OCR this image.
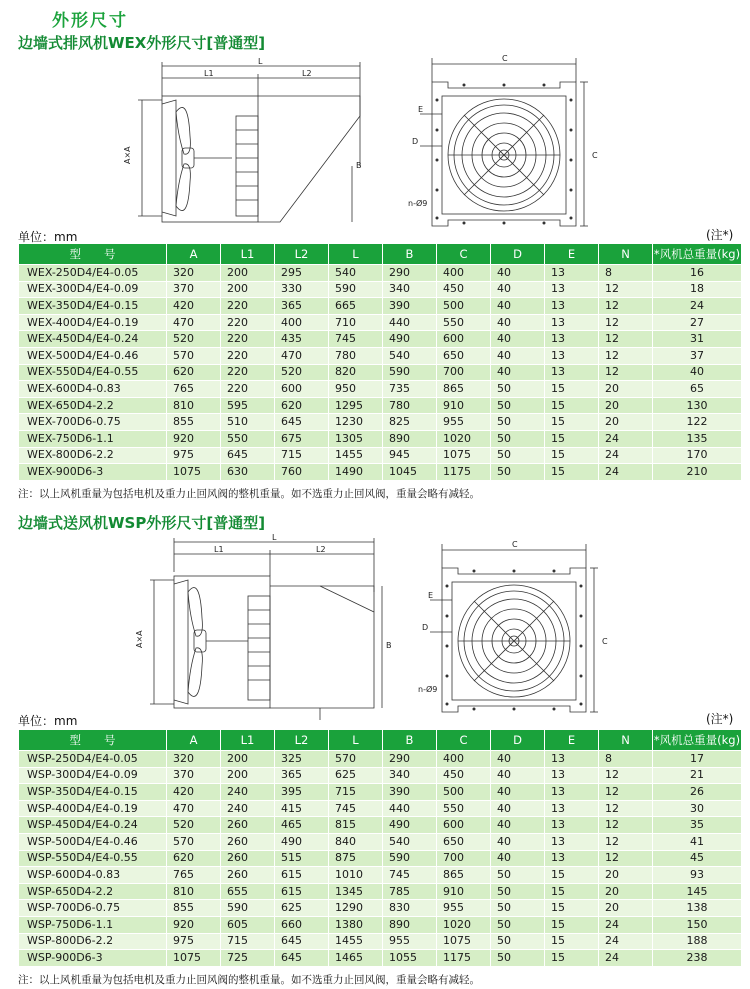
外形尺寸
边墙式排风机WEX外形尺寸[普通型]
L
L1	L2
A×A
B
C
C
E
D
n-Ø9
单位：mm	(注*)
型　　号	A	L1	L2	L	B	C	D	E	N	*风机总重量(kg)
WEX-250D4/E4-0.05	320	200	295	540	290	400	40	13	8	16
WEX-300D4/E4-0.09	370	200	330	590	340	450	40	13	12	18
WEX-350D4/E4-0.15	420	220	365	665	390	500	40	13	12	24
WEX-400D4/E4-0.19	470	220	400	710	440	550	40	13	12	27
WEX-450D4/E4-0.24	520	220	435	745	490	600	40	13	12	31
WEX-500D4/E4-0.46	570	220	470	780	540	650	40	13	12	37
WEX-550D4/E4-0.55	620	220	520	820	590	700	40	13	12	40
WEX-600D4-0.83	765	220	600	950	735	865	50	15	20	65
WEX-650D4-2.2	810	595	620	1295	780	910	50	15	20	130
WEX-700D6-0.75	855	510	645	1230	825	955	50	15	20	122
WEX-750D6-1.1	920	550	675	1305	890	1020	50	15	24	135
WEX-800D6-2.2	975	645	715	1455	945	1075	50	15	24	170
WEX-900D6-3	1075	630	760	1490	1045	1175	50	15	24	210
注：以上风机重量为包括电机及重力止回风阀的整机重量。如不选重力止回风阀，重量会略有减轻。
边墙式送风机WSP外形尺寸[普通型]
L
L1	L2
A×A	B
C
C
E
D
n-Ø9
单位：mm	(注*)
型　　号	A	L1	L2	L	B	C	D	E	N	*风机总重量(kg)
WSP-250D4/E4-0.05	320	200	325	570	290	400	40	13	8	17
WSP-300D4/E4-0.09	370	200	365	625	340	450	40	13	12	21
WSP-350D4/E4-0.15	420	240	395	715	390	500	40	13	12	26
WSP-400D4/E4-0.19	470	240	415	745	440	550	40	13	12	30
WSP-450D4/E4-0.24	520	260	465	815	490	600	40	13	12	35
WSP-500D4/E4-0.46	570	260	490	840	540	650	40	13	12	41
WSP-550D4/E4-0.55	620	260	515	875	590	700	40	13	12	45
WSP-600D4-0.83	765	260	615	1010	745	865	50	15	20	93
WSP-650D4-2.2	810	655	615	1345	785	910	50	15	20	145
WSP-700D6-0.75	855	590	625	1290	830	955	50	15	20	138
WSP-750D6-1.1	920	605	660	1380	890	1020	50	15	24	150
WSP-800D6-2.2	975	715	645	1455	955	1075	50	15	24	188
WSP-900D6-3	1075	725	645	1465	1055	1175	50	15	24	238
注：以上风机重量为包括电机及重力止回风阀的整机重量。如不选重力止回风阀，重量会略有减轻。
